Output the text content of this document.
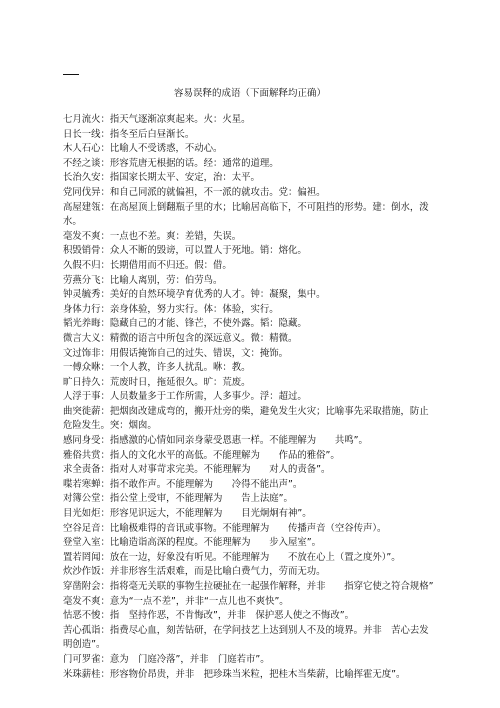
容易误释的成语（下面解释均正确）

七月流火：指天气逐渐凉爽起来。火：火星。

日长一线：指冬至后白昼渐长。

木人石心：比喻人不受诱惑，不动心。

不经之谈：形容荒唐无根据的话。经：通常的道理。

长治久安：指国家长期太平、安定，治：太平。

党同伐异：和自己同派的就偏袒，不一派的就攻击。党：偏袒。

高屋建瓴：在高屋顶上倒翻瓶子里的水；比喻居高临下，不可阻挡的形势。建：倒水，泼水。

毫发不爽：一点也不差。爽：差错，失误。

积毁销骨：众人不断的毁谤，可以置人于死地。销：熔化。

久假不归：长期借用而不归还。假：借。

劳燕分飞：比喻人离别，劳：伯劳鸟。

钟灵毓秀：美好的自然环境孕育优秀的人才。钟：凝聚，集中。

身体力行：亲身体验，努力实行。体：体验，实行。

韬光养晦：隐藏自己的才能、锋芒，不使外露。韬：隐藏。

微言大义：精微的语言中所包含的深远意义。微：精微。

文过饰非：用假话掩饰自己的过失、错误，文：掩饰。

一傅众咻：一个人教，许多人扰乱。咻：教。

旷日持久：荒废时日，拖延很久。旷：荒废。

人浮于事：人员数量多于工作所需，人多事少。浮：超过。

曲突徙薪：把烟囱改建成弯的，搬开灶旁的柴，避免发生火灾；比喻事先采取措施，防止危险发生。突：烟囱。

感同身受：指感激的心情如同亲身蒙受恩惠一样。不能理解为　　共鸣”。

雅俗共赏：指人的文化水平的高低。不能理解为　　作品的雅俗”。

求全责备：指对人对事苛求完美。不能理解为　　对人的责备”。

喋若寒蝉：指不敢作声。不能理解为　　冷得不能出声”。

对簿公堂：指公堂上受审，不能理解为　　告上法庭”。

目光如炬：形容见识远大，不能理解为　　目光炯炯有神”。

空谷足音：比喻极难得的音讯或事物。不能理解为　　传播声音（空谷传声）。

登堂入室：比喻造诣高深的程度。不能理解为　　步入屋室”。

置若罔闻：放在一边，好象没有听见。不能理解为　　不放在心上（置之度外）”。

炊沙作饭：并非形容生活艰难，而是比喻白费气力，劳而无功。

穿凿附会：指将毫无关联的事物生拉硬扯在一起强作解释，并非　　指穿它使之符合规格”

毫发不爽：意为“一点不差”，并非“一点儿也不爽快”。

怙恶不悛：指　坚持作恶，不肯悔改”，并非　保护恶人使之不悔改”。

苦心孤诣：指费尽心血，刻苦钻研，在学问技艺上达到别人不及的境界。并非　苦心去发明创造”。

门可罗雀：意为　门庭冷落”，并非　门庭若市”。

米珠薪桂：形容物价昂贵，并非　把珍珠当米粒，把桂木当柴薪，比喻挥霍无度”。
